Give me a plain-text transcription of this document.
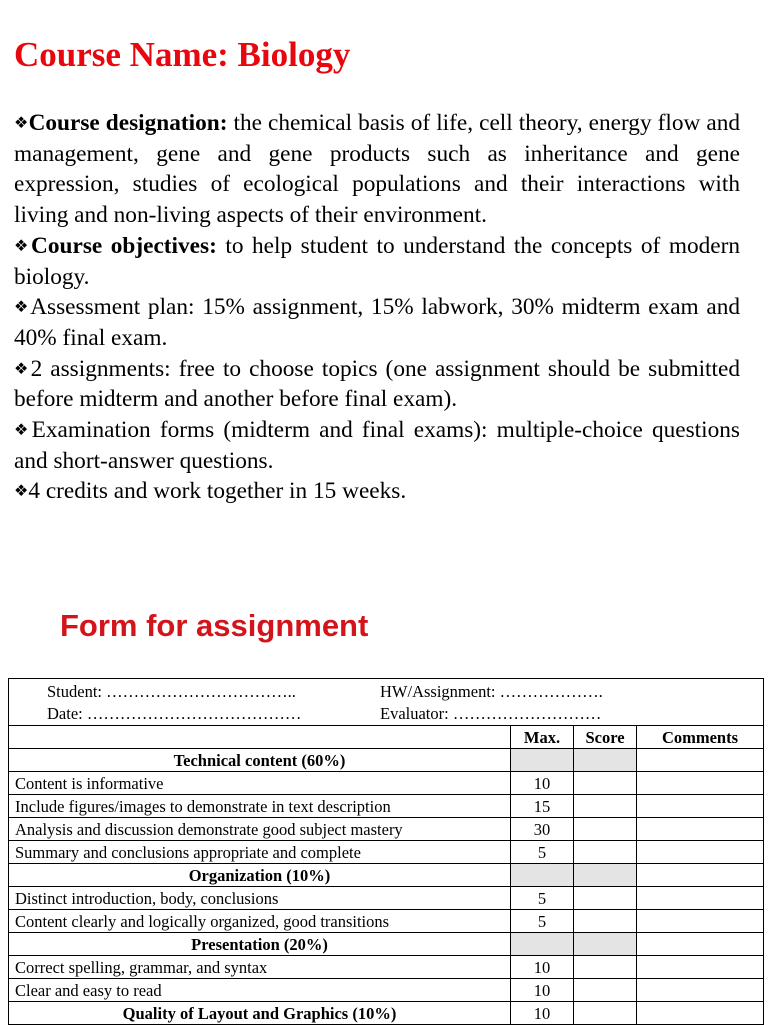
Course Name: Biology

❖Course designation: the chemical basis of life, cell theory, energy flow and management, gene and gene products such as inheritance and gene expression, studies of ecological populations and their interactions with living and non-living aspects of their environment.

❖Course objectives: to help student to understand the concepts of modern biology.

❖Assessment plan: 15% assignment, 15% labwork, 30% midterm exam and 40% final exam.

❖2 assignments: free to choose topics (one assignment should be submitted before midterm and another before final exam).

❖Examination forms (midterm and final exams): multiple-choice questions and short-answer questions.

❖4 credits and work together in 15 weeks.

Form for assignment
Student: …………………………….. HW/Assignment: ……………….
Date: ………………………………… Evaluator: ………………………			

	Max.	Score	Comments
Technical content (60%)			
Content is informative	10		
Include figures/images to demonstrate in text description	15		
Analysis and discussion demonstrate good subject mastery	30		
Summary and conclusions appropriate and complete	5		
Organization (10%)			
Distinct introduction, body, conclusions	5		
Content clearly and logically organized, good transitions	5		
Presentation (20%)			
Correct spelling, grammar, and syntax	10		
Clear and easy to read	10		
Quality of Layout and Graphics (10%)	10		
